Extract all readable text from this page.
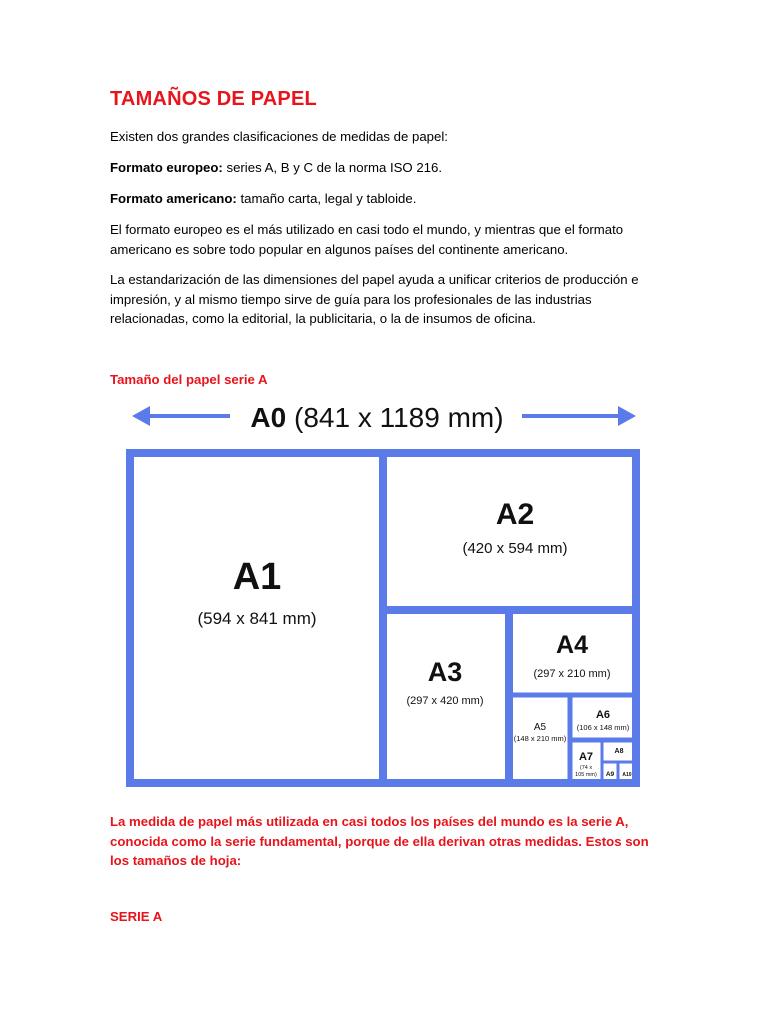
TAMAÑOS DE PAPEL

Existen dos grandes clasificaciones de medidas de papel:

Formato europeo: series A, B y C de la norma ISO 216.

Formato americano: tamaño carta, legal y tabloide.

El formato europeo es el más utilizado en casi todo el mundo, y mientras que el formato americano es sobre todo popular en algunos países del continente americano.

La estandarización de las dimensiones del papel ayuda a unificar criterios de producción e impresión, y al mismo tiempo sirve de guía para los profesionales de las industrias relacionadas, como la editorial, la publicitaria, o la de insumos de oficina.

Tamaño del papel serie A

A0 (841 x 1189 mm)
A1
(594 x 841 mm)
A2
(420 x 594 mm)
A3
(297 x 420 mm)
A4
(297 x 210 mm)
A5
(148 x 210 mm)
A6
(106 x 148 mm)
A7
(74 x
105 mm)
A8
A9 A10

La medida de papel más utilizada en casi todos los países del mundo es la serie A, conocida como la serie fundamental, porque de ella derivan otras medidas. Estos son los tamaños de hoja:

SERIE A
